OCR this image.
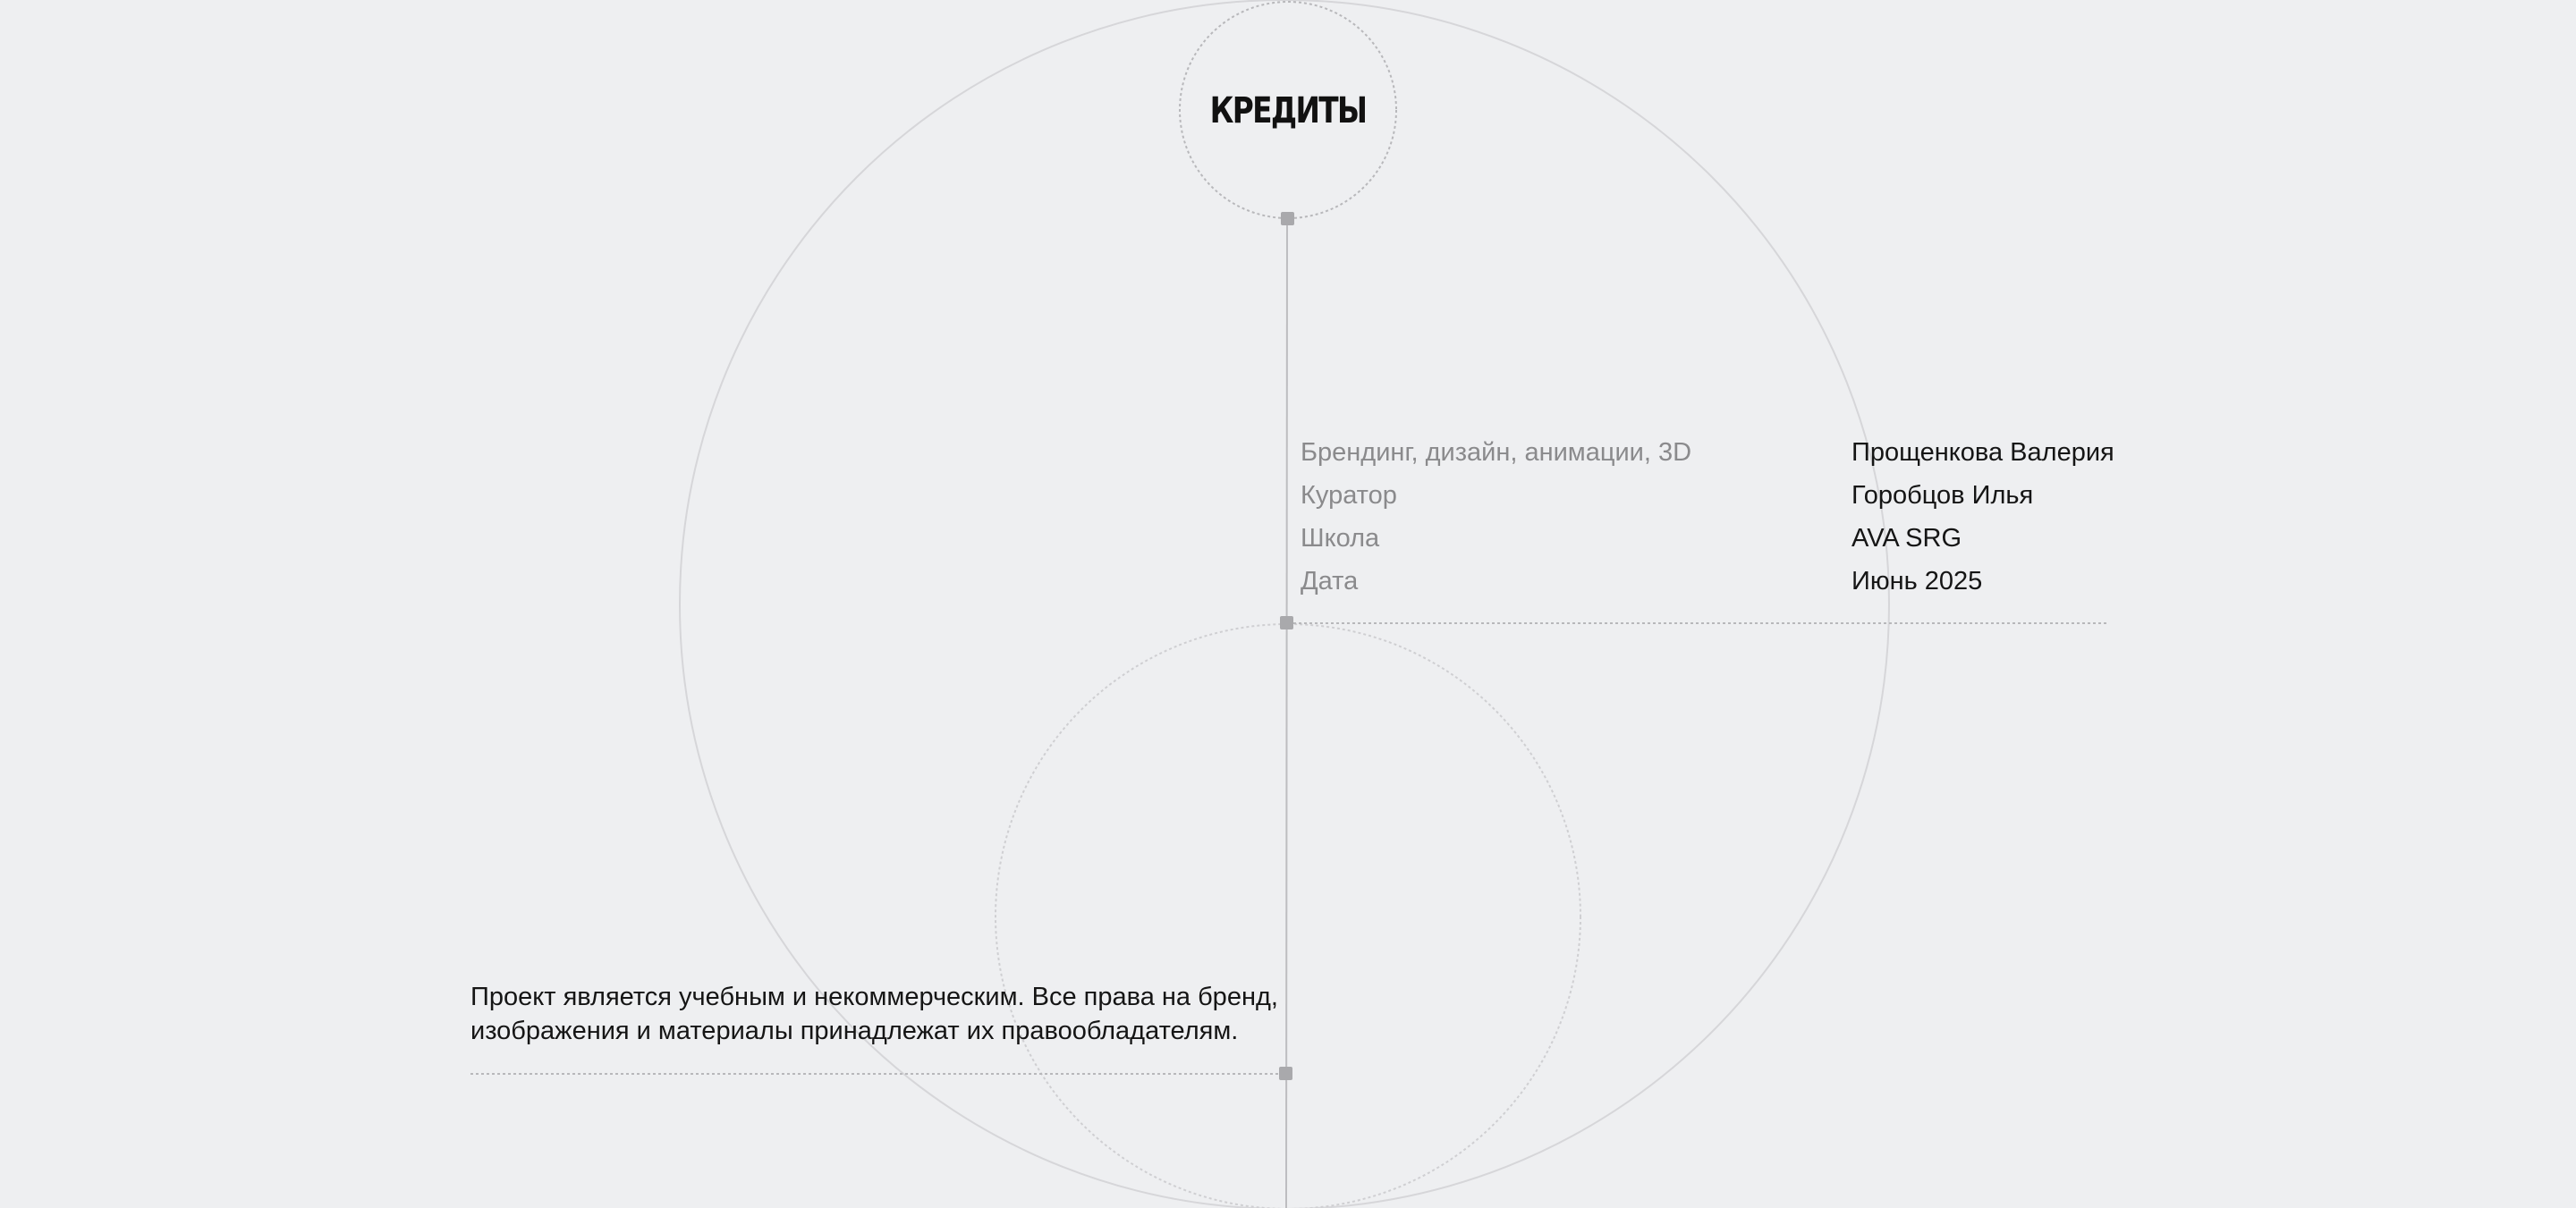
КРЕДИТЫ
Брендинг, дизайн, анимации, 3D	Прощенкова Валерия
Куратор	Горобцов Илья
Школа	AVA SRG
Дата	Июнь 2025
Проект является учебным и некоммерческим. Все права на бренд,
изображения и материалы принадлежат их правообладателям.
